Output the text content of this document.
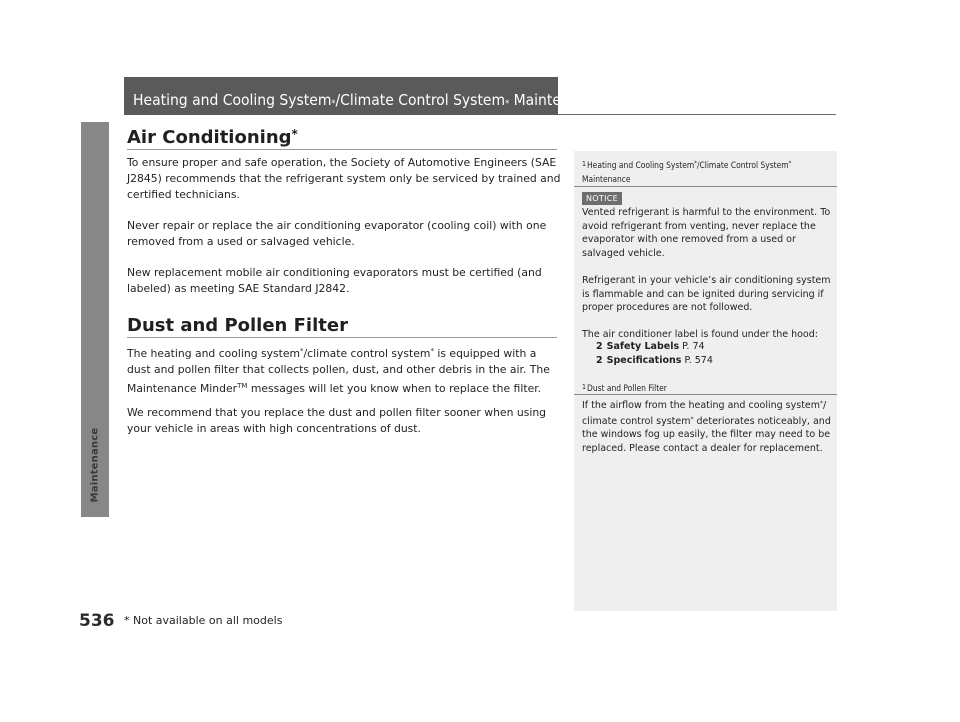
Maintenance
Heating and Cooling System$_*$ /Climate Control System$_*$ Maintenance
Air Conditioning*

To ensure proper and safe operation, the Society of Automotive Engineers (SAE J2845) recommends that the refrigerant system only be serviced by trained and certified technicians.

Never repair or replace the air conditioning evaporator (cooling coil) with one removed from a used or salvaged vehicle.

New replacement mobile air conditioning evaporators must be certified (and labeled) as meeting SAE Standard J2842.

Dust and Pollen Filter

The heating and cooling system*/climate control system* is equipped with a dust and pollen filter that collects pollen, dust, and other debris in the air. The Maintenance Minder™ messages will let you know when to replace the filter.

We recommend that you replace the dust and pollen filter sooner when using your vehicle in areas with high concentrations of dust.

$^1$Heating and Cooling System*/Climate Control System*
Maintenance
NOTICE

Vented refrigerant is harmful to the environment. To avoid refrigerant from venting, never replace the evaporator with one removed from a used or salvaged vehicle.

Refrigerant in your vehicle’s air conditioning system is flammable and can be ignited during servicing if proper procedures are not followed.

The air conditioner label is found under the hood:

2 Safety Labels P. 74
2 Specifications P. 574
$^1$Dust and Pollen Filter

If the airflow from the heating and cooling system*/ climate control system* deteriorates noticeably, and the windows fog up easily, the filter may need to be replaced. Please contact a dealer for replacement.

536 * Not available on all models
